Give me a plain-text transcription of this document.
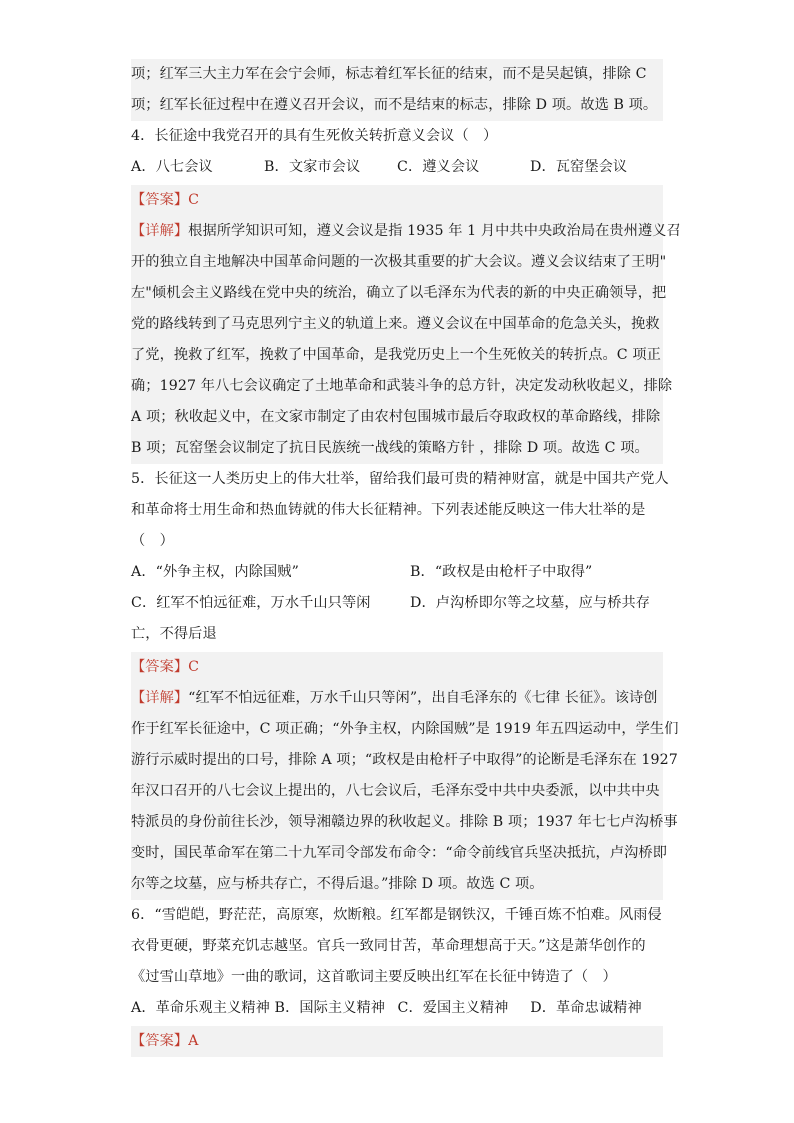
项；红军三大主力军在会宁会师，标志着红军长征的结束，而不是吴起镇，排除 C
项；红军长征过程中在遵义召开会议，而不是结束的标志，排除 D 项。故选 B 项。
4．长征途中我党召开的具有生死攸关转折意义会议（　）
A．八七会议	B．文家市会议	C．遵义会议	D．瓦窑堡会议
【答案】C
【详解】根据所学知识可知，遵义会议是指 1935 年 1 月中共中央政治局在贵州遵义召
开的独立自主地解决中国革命问题的一次极其重要的扩大会议。遵义会议结束了王明"
左"倾机会主义路线在党中央的统治，确立了以毛泽东为代表的新的中央正确领导，把
党的路线转到了马克思列宁主义的轨道上来。遵义会议在中国革命的危急关头，挽救
了党，挽救了红军，挽救了中国革命，是我党历史上一个生死攸关的转折点。C 项正
确；1927 年八七会议确定了土地革命和武装斗争的总方针，决定发动秋收起义，排除
A 项；秋收起义中，在文家市制定了由农村包围城市最后夺取政权的革命路线，排除
B 项；瓦窑堡会议制定了抗日民族统一战线的策略方针 ，排除 D 项。故选 C 项。
5．长征这一人类历史上的伟大壮举，留给我们最可贵的精神财富，就是中国共产党人
和革命将士用生命和热血铸就的伟大长征精神。下列表述能反映这一伟大壮举的是
（　）
A．“外争主权，内除国贼”	B．“政权是由枪杆子中取得”
C．红军不怕远征难，万水千山只等闲	D．卢沟桥即尔等之坟墓，应与桥共存
亡，不得后退
【答案】C
【详解】“红军不怕远征难，万水千山只等闲”，出自毛泽东的《七律 长征》。该诗创
作于红军长征途中，C 项正确；“外争主权，内除国贼”是 1919 年五四运动中，学生们
游行示威时提出的口号，排除 A 项；“政权是由枪杆子中取得”的论断是毛泽东在 1927
年汉口召开的八七会议上提出的，八七会议后，毛泽东受中共中央委派，以中共中央
特派员的身份前往长沙，领导湘赣边界的秋收起义。排除 B 项；1937 年七七卢沟桥事
变时，国民革命军在第二十九军司令部发布命令：“命令前线官兵坚决抵抗，卢沟桥即
尔等之坟墓，应与桥共存亡，不得后退。”排除 D 项。故选 C 项。
6．“雪皑皑，野茫茫，高原寒，炊断粮。红军都是钢铁汉，千锤百炼不怕难。风雨侵
衣骨更硬，野菜充饥志越坚。官兵一致同甘苦，革命理想高于天。”这是萧华创作的
《过雪山草地》一曲的歌词，这首歌词主要反映出红军在长征中铸造了（　）
A．革命乐观主义精神 B．国际主义精神 C．爱国主义精神	D．革命忠诚精神
【答案】A
